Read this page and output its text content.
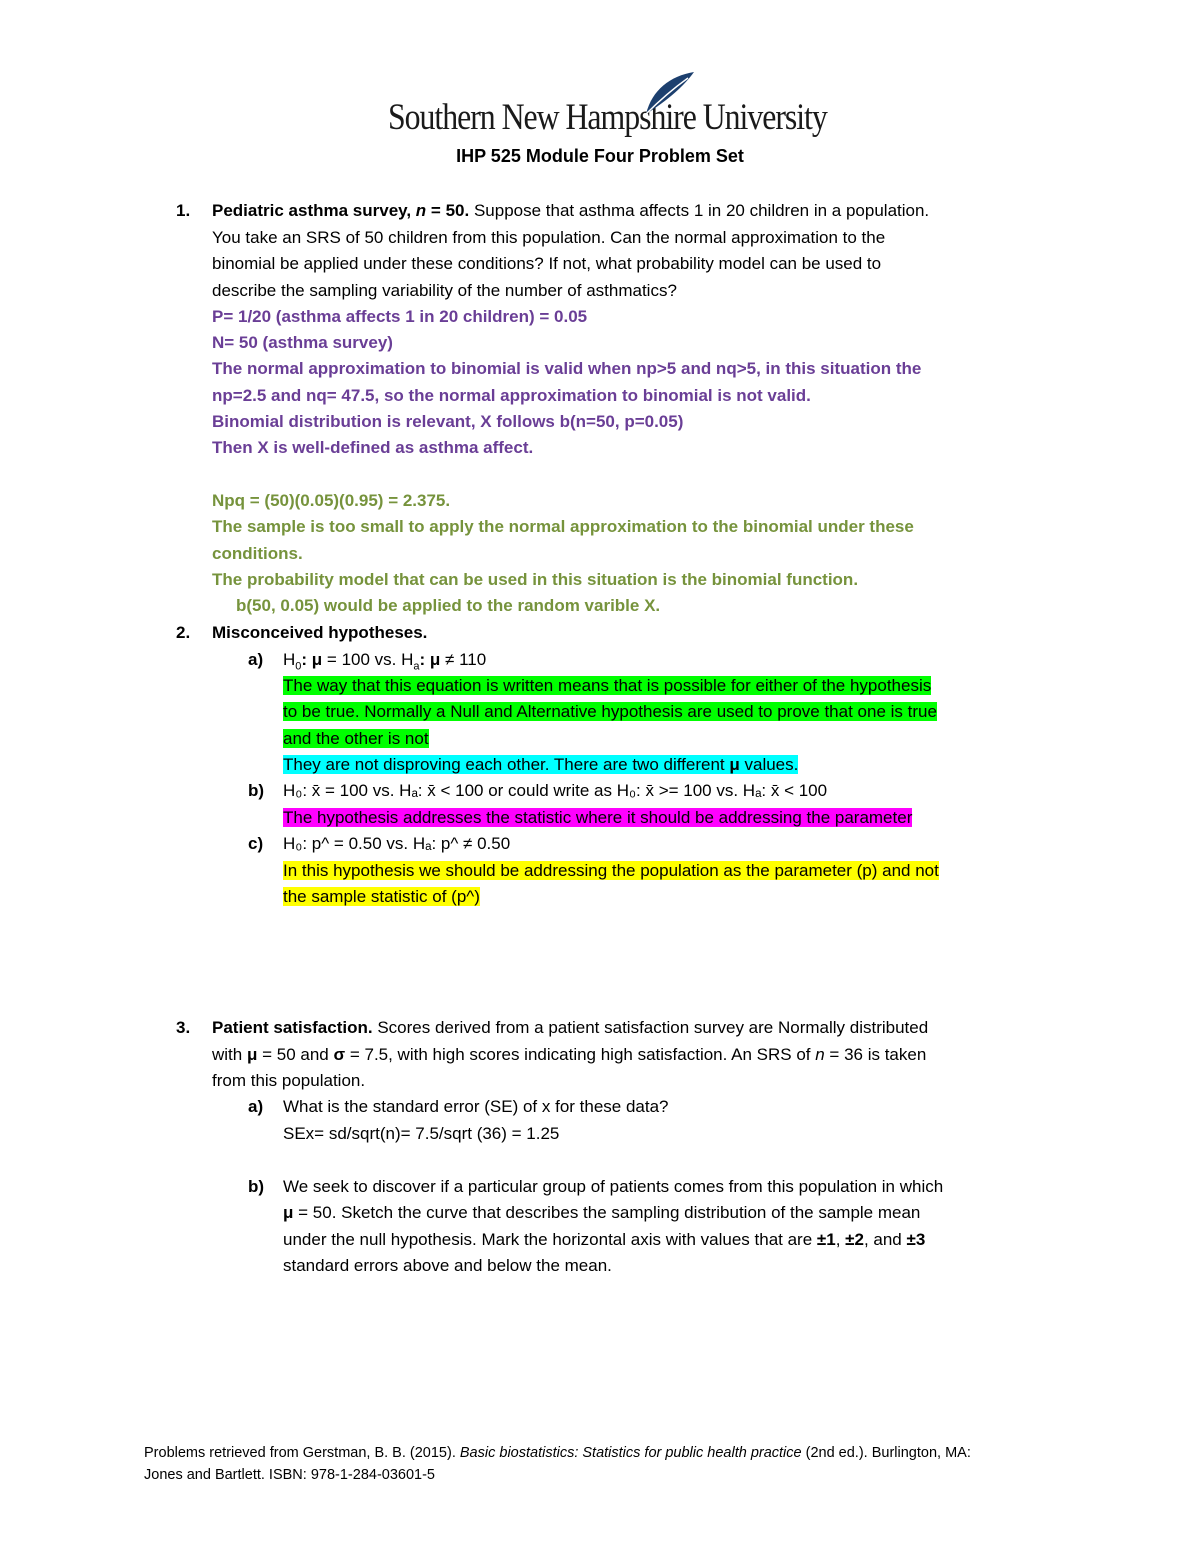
Southern New Hampshire University
IHP 525 Module Four Problem Set
1. Pediatric asthma survey, n = 50. Suppose that asthma affects 1 in 20 children in a population.
You take an SRS of 50 children from this population. Can the normal approximation to the
binomial be applied under these conditions? If not, what probability model can be used to
describe the sampling variability of the number of asthmatics?
P= 1/20 (asthma affects 1 in 20 children) = 0.05
N= 50 (asthma survey)
The normal approximation to binomial is valid when np>5 and nq>5, in this situation the
np=2.5 and nq= 47.5, so the normal approximation to binomial is not valid.
Binomial distribution is relevant, X follows b(n=50, p=0.05)
Then X is well-defined as asthma affect.
Npq = (50)(0.05)(0.95) = 2.375.
The sample is too small to apply the normal approximation to the binomial under these
conditions.
The probability model that can be used in this situation is the binomial function.
b(50, 0.05) would be applied to the random varible X.
2. Misconceived hypotheses.
a) $H_0$: μ = 100 vs. $H_a$: μ ≠ 110
The way that this equation is written means that is possible for either of the hypothesis
to be true. Normally a Null and Alternative hypothesis are used to prove that one is true
and the other is not
They are not disproving each other. There are two different μ values.
b) H₀: x̄ = 100 vs. Hₐ: x̄ < 100 or could write as H₀: x̄ >= 100 vs. Hₐ: x̄ < 100
The hypothesis addresses the statistic where it should be addressing the parameter
c) H₀: p^ = 0.50 vs. Hₐ: p^ ≠ 0.50
In this hypothesis we should be addressing the population as the parameter (p) and not
the sample statistic of (p^)
3. Patient satisfaction. Scores derived from a patient satisfaction survey are Normally distributed
with μ = 50 and σ = 7.5, with high scores indicating high satisfaction. An SRS of n = 36 is taken
from this population.
a) What is the standard error (SE) of x for these data?
SEx= sd/sqrt(n)= 7.5/sqrt (36) = 1.25
b) We seek to discover if a particular group of patients comes from this population in which
μ = 50. Sketch the curve that describes the sampling distribution of the sample mean
under the null hypothesis. Mark the horizontal axis with values that are ±1, ±2, and ±3
standard errors above and below the mean.
Problems retrieved from Gerstman, B. B. (2015). Basic biostatistics: Statistics for public health practice (2nd ed.). Burlington, MA:
Jones and Bartlett. ISBN: 978-1-284-03601-5
